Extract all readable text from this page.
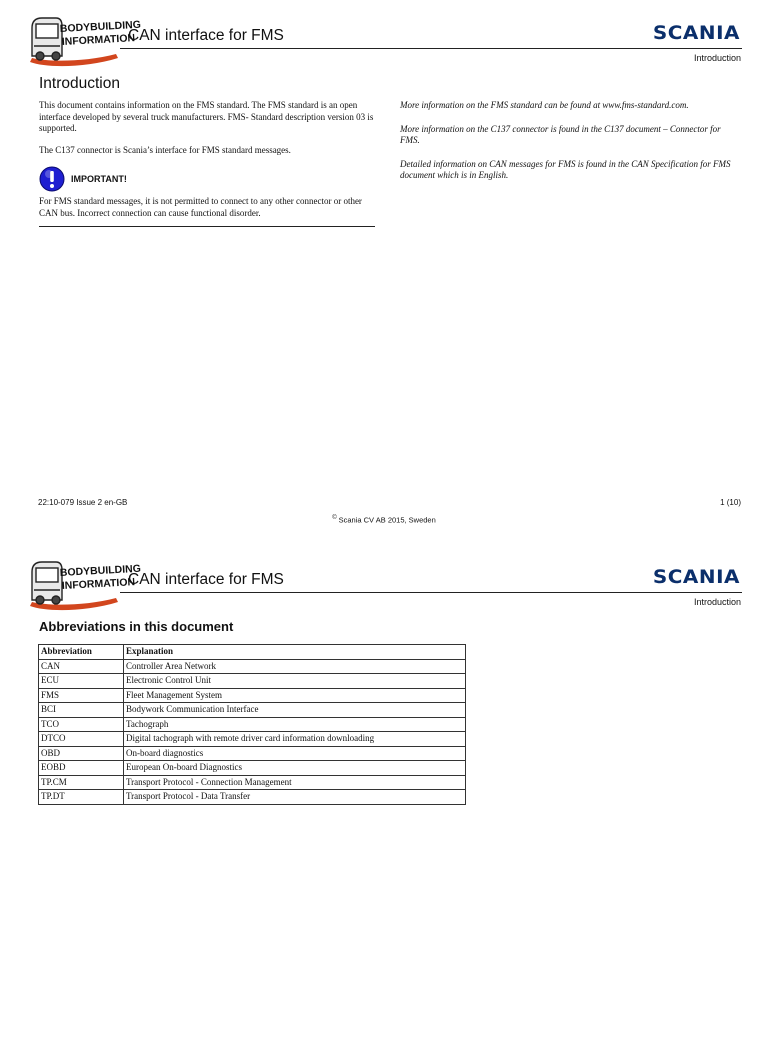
BODYBUILDING
INFORMATION
CAN interface for FMS	SCANIA
Introduction
Introduction

This document contains information on the FMS standard. The FMS standard is an open interface developed by several truck manufacturers. FMS- Standard description version 03 is supported.

The C137 connector is Scania’s interface for FMS standard messages.

IMPORTANT!
For FMS standard messages, it is not permitted to connect to any other connector or other CAN bus. Incorrect connection can cause functional disorder.

More information on the FMS standard can be found at www.fms-standard.com.

More information on the C137 connector is found in the C137 document – Connector for FMS.

Detailed information on CAN messages for FMS is found in the CAN Specification for FMS document which is in English.

22:10-079 Issue 2 en-GB	1 (10)
© Scania CV AB 2015, Sweden
BODYBUILDING
INFORMATION
CAN interface for FMS	SCANIA
Introduction
Abbreviations in this document
Abbreviation	Explanation
CAN	Controller Area Network
ECU	Electronic Control Unit
FMS	Fleet Management System
BCI	Bodywork Communication Interface
TCO	Tachograph
DTCO	Digital tachograph with remote driver card information downloading
OBD	On-board diagnostics
EOBD	European On-board Diagnostics
TP.CM	Transport Protocol - Connection Management
TP.DT	Transport Protocol - Data Transfer
